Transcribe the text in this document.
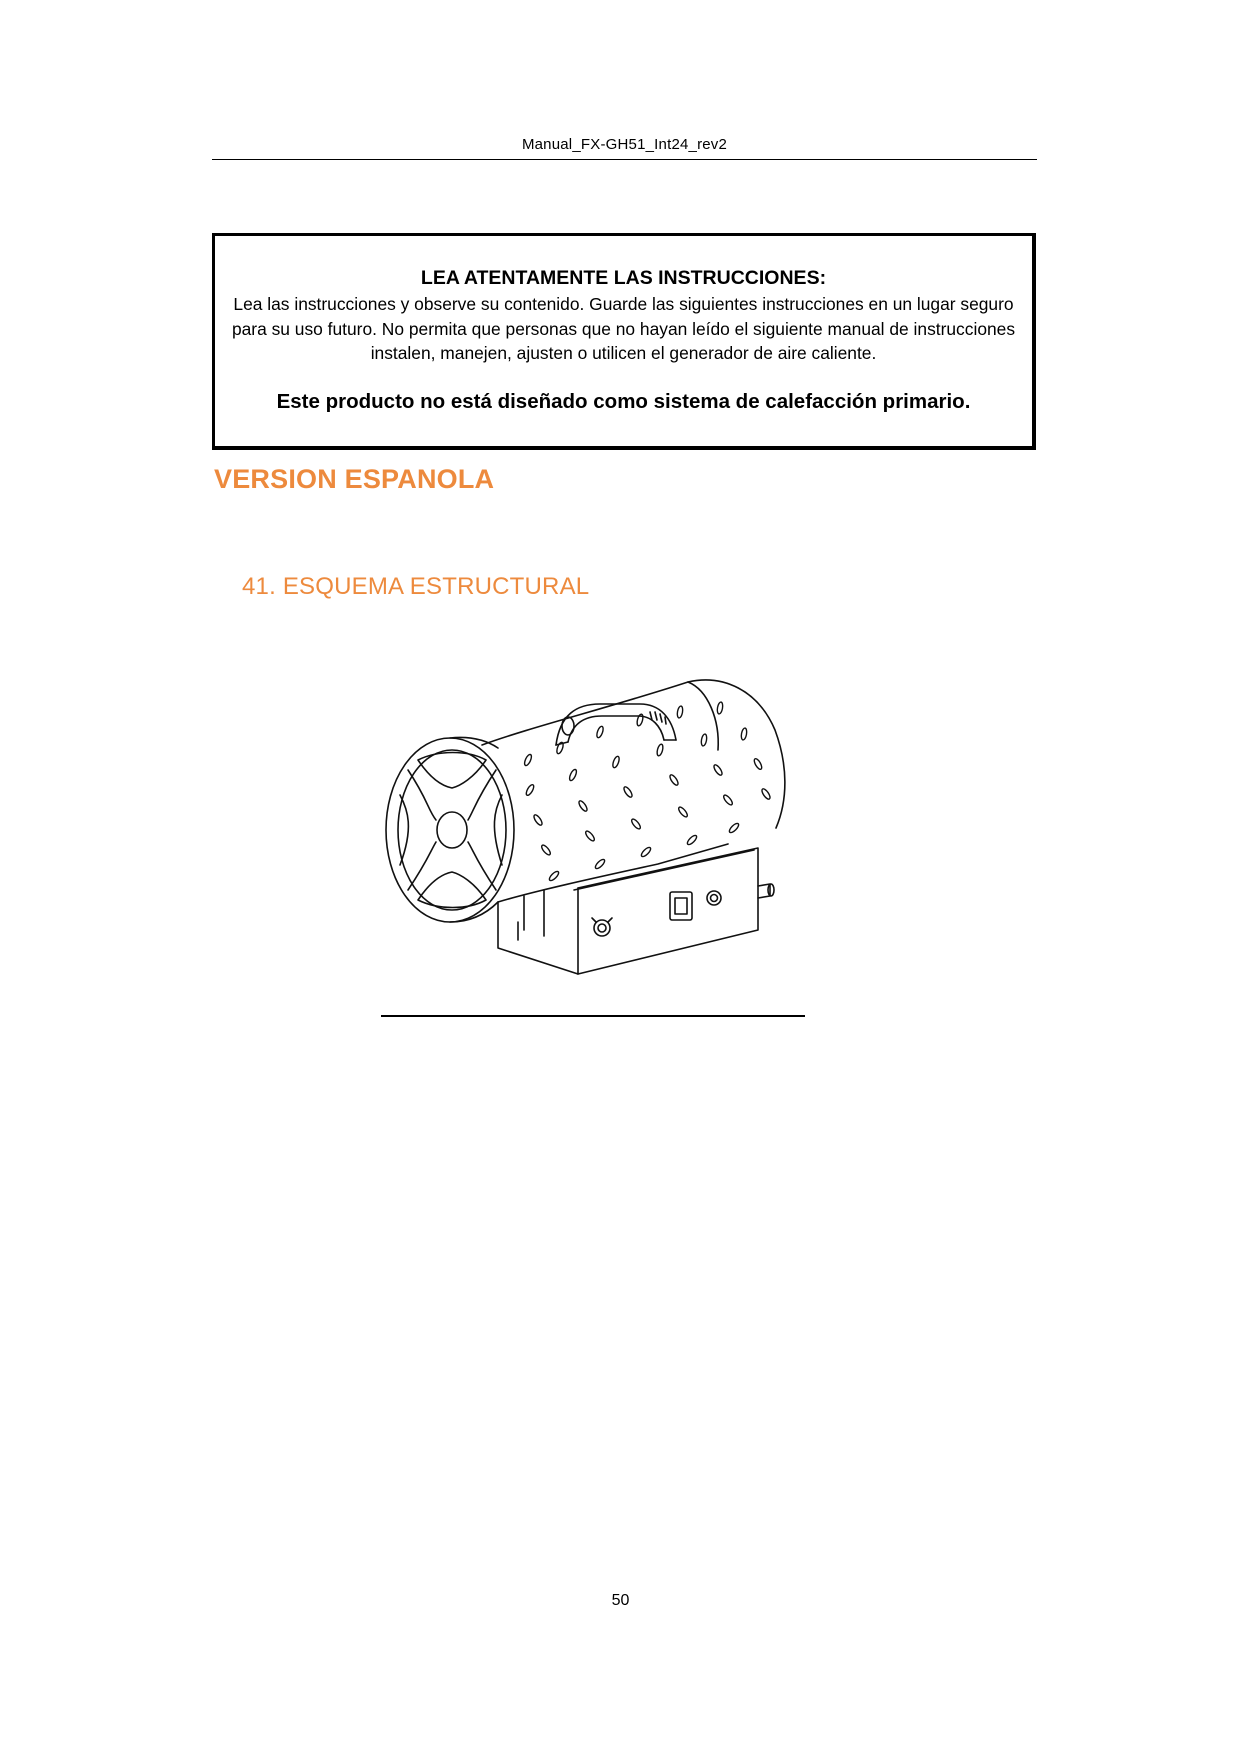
Manual_FX-GH51_Int24_rev2
LEA ATENTAMENTE LAS INSTRUCCIONES:
Lea las instrucciones y observe su contenido. Guarde las siguientes instrucciones en un lugar seguro para su uso futuro. No permita que personas que no hayan leído el siguiente manual de instrucciones instalen, manejen, ajusten o utilicen el generador de aire caliente.
Este producto no está diseñado como sistema de calefacción primario.
VERSION ESPANOLA
41. ESQUEMA ESTRUCTURAL
50
